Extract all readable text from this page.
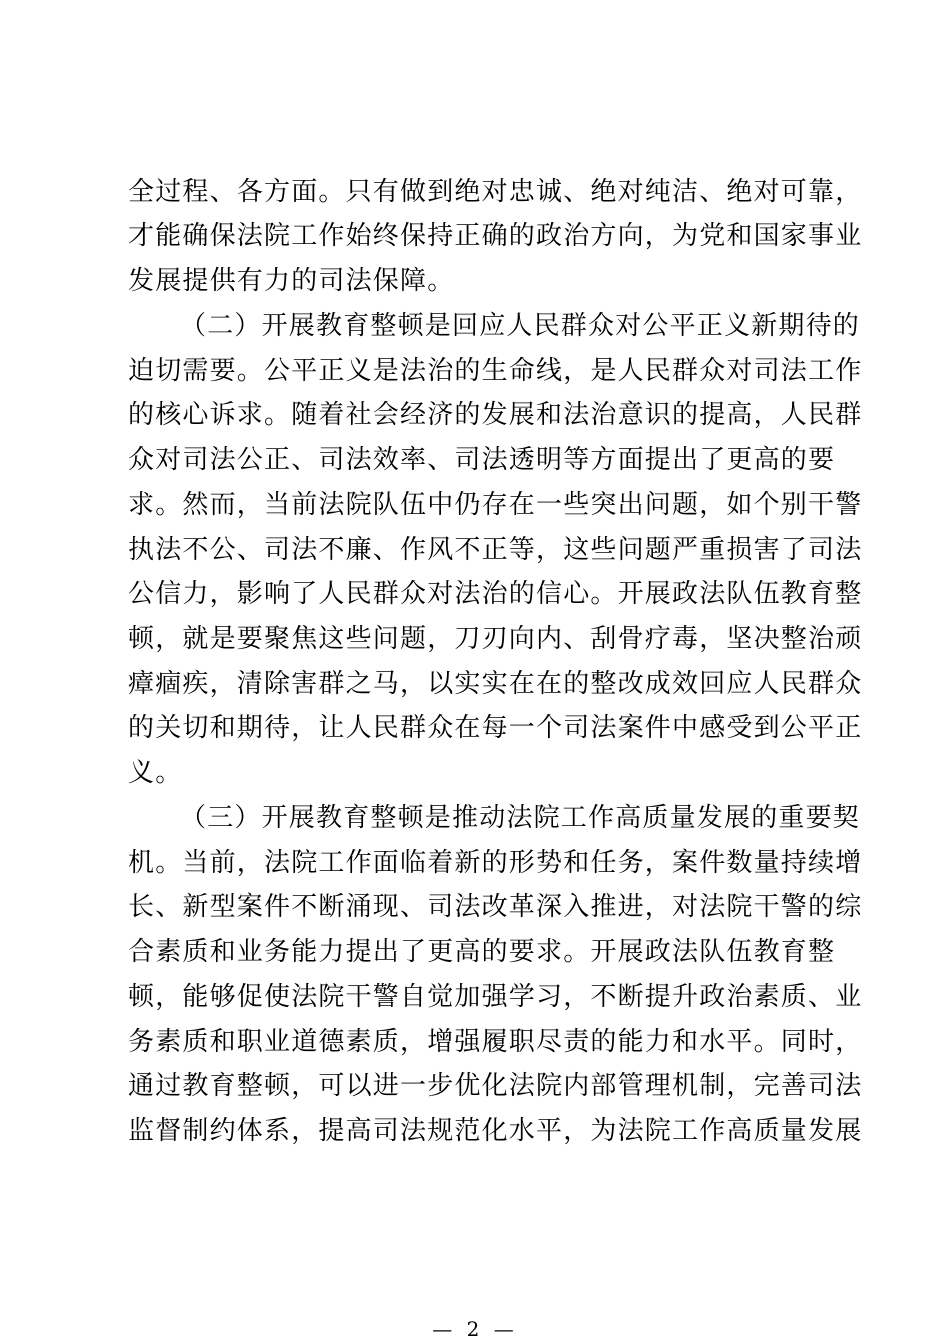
全过程、各方面。只有做到绝对忠诚、绝对纯洁、绝对可靠，
才能确保法院工作始终保持正确的政治方向，为党和国家事业
发展提供有力的司法保障。
（二）开展教育整顿是回应人民群众对公平正义新期待的
迫切需要。公平正义是法治的生命线，是人民群众对司法工作
的核心诉求。随着社会经济的发展和法治意识的提高，人民群
众对司法公正、司法效率、司法透明等方面提出了更高的要
求。然而，当前法院队伍中仍存在一些突出问题，如个别干警
执法不公、司法不廉、作风不正等，这些问题严重损害了司法
公信力，影响了人民群众对法治的信心。开展政法队伍教育整
顿，就是要聚焦这些问题，刀刃向内、刮骨疗毒，坚决整治顽
瘴痼疾，清除害群之马，以实实在在的整改成效回应人民群众
的关切和期待，让人民群众在每一个司法案件中感受到公平正
义。
（三）开展教育整顿是推动法院工作高质量发展的重要契
机。当前，法院工作面临着新的形势和任务，案件数量持续增
长、新型案件不断涌现、司法改革深入推进，对法院干警的综
合素质和业务能力提出了更高的要求。开展政法队伍教育整
顿，能够促使法院干警自觉加强学习，不断提升政治素质、业
务素质和职业道德素质，增强履职尽责的能力和水平。同时，
通过教育整顿，可以进一步优化法院内部管理机制，完善司法
监督制约体系，提高司法规范化水平，为法院工作高质量发展
— 2 —
